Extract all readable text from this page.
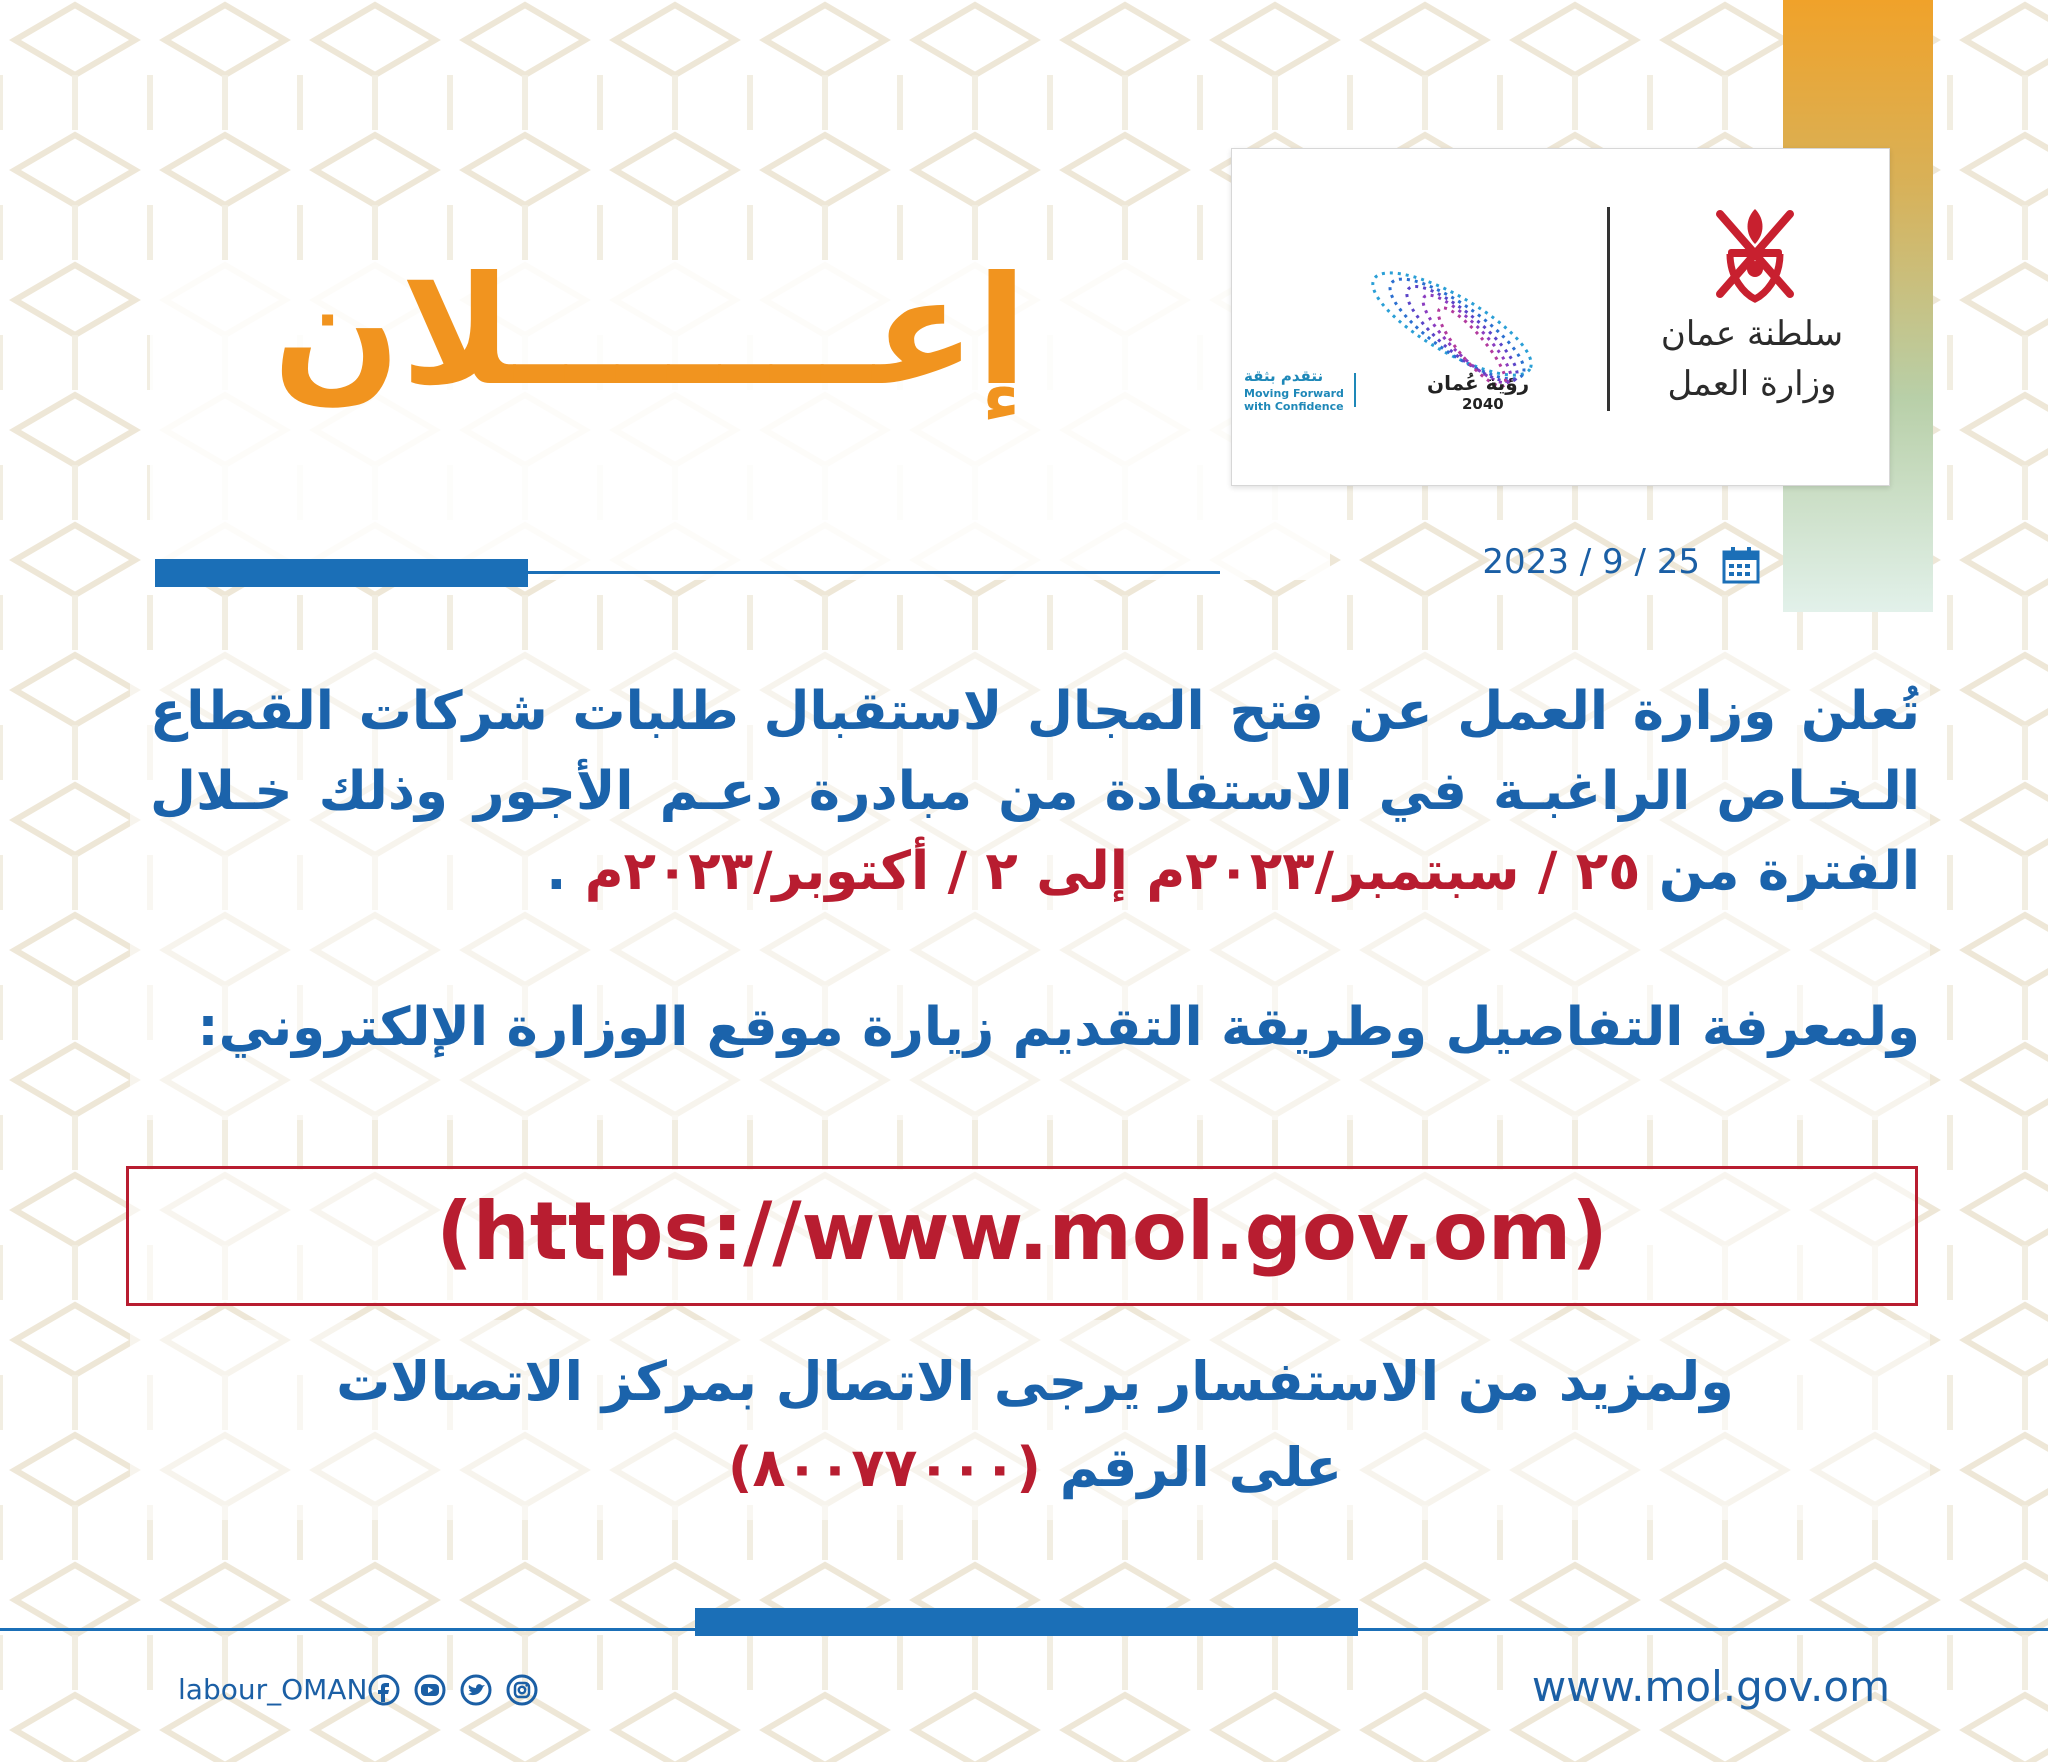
سلطنة عمان
وزارة العمل
رؤية عُمان
2040
نتقدم بثقة
Moving Forward with Confidence
إعـــــــلان
2023 / 9 / 25
تُعلن وزارة العمل عن فتح المجال لاستقبال طلبات شركات القطاع الـخـاص الراغبـة في الاستفادة من مبادرة دعـم الأجور وذلك خـلال الفترة من ٢٥ / سبتمبر/٢٠٢٣م إلى ٢ / أكتوبر/٢٠٢٣م .
ولمعرفة التفاصيل وطريقة التقديم زيارة موقع الوزارة الإلكتروني:
(https://www.mol.gov.om)
ولمزيد من الاستفسار يرجى الاتصال بمركز الاتصالات
على الرقم (٨٠٠٧٧٠٠٠)
labour_OMAN	www.mol.gov.om
